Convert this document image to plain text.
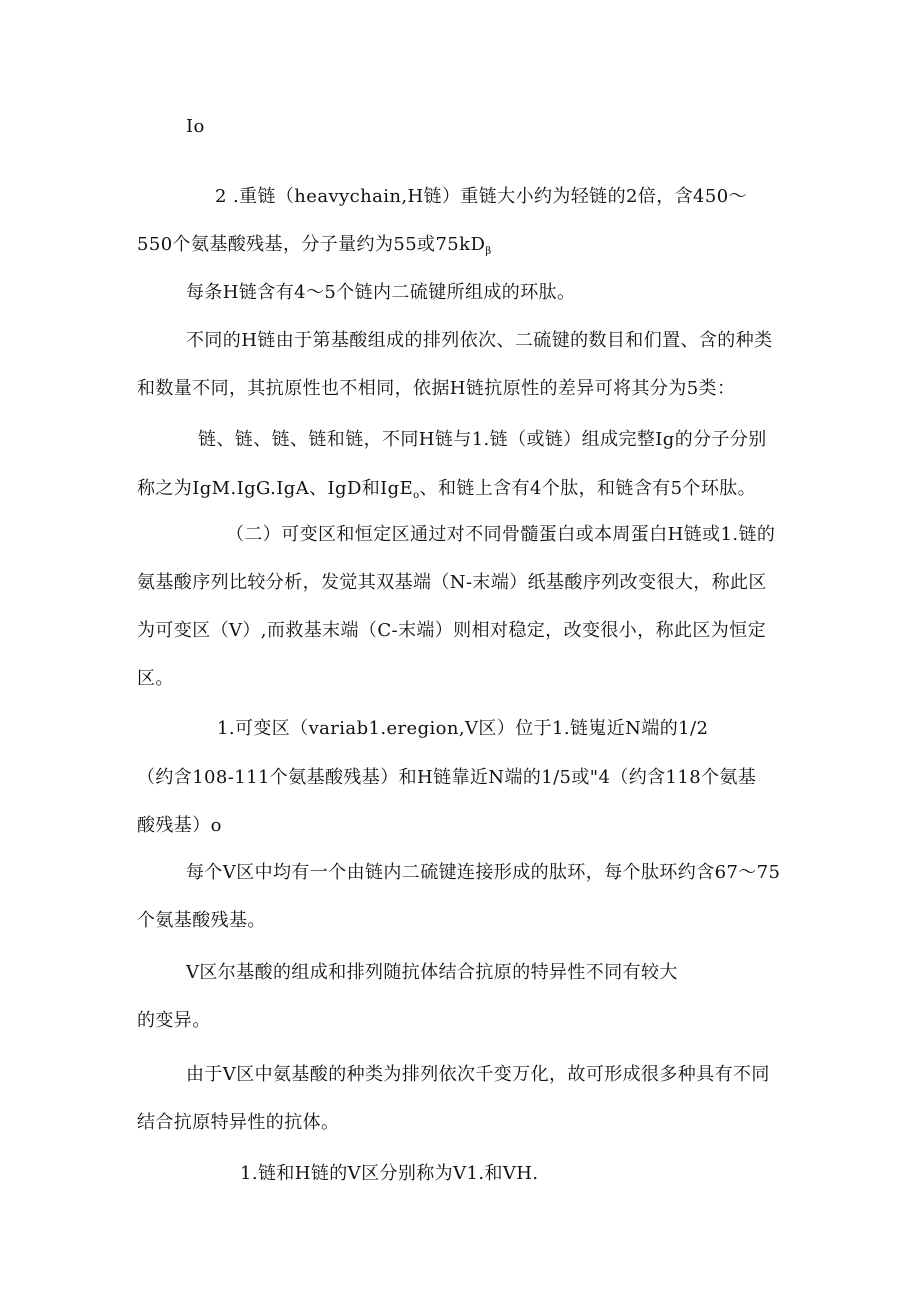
Io
2 .重链（heavychain,H链）重链大小约为轻链的2倍，含450～
550个氨基酸残基，分子量约为55或$75kD_\beta$
每条H链含有4～5个链内二硫键所组成的环肽。
不同的H链由于第基酸组成的排列依次、二硫键的数目和们置、含的种类
和数量不同，其抗原性也不相同，依据H链抗原性的差异可将其分为5类：
链、链、链、链和链，不同H链与1.链（或链）组成完整Ig的分子分别
称之为IgM.IgG.IgA、IgD和IgE$_o$、和链上含有4个肽，和链含有5个环肽。
（二）可变区和恒定区通过对不同骨髓蛋白或本周蛋白H链或1.链的
氨基酸序列比较分析，发觉其双基端（N-末端）纸基酸序列改变很大，称此区
为可变区（V）,而救基末端（C-末端）则相对稳定，改变很小，称此区为恒定
区。
1.可变区（variab1.eregion,V区）位于1.链嵬近N端的1/2
（约含108-111个氨基酸残基）和H链靠近N端的1/5或"4（约含118个氨基
酸残基）o
每个V区中均有一个由链内二硫键连接形成的肽环，每个肽环约含67～75
个氨基酸残基。
V区尔基酸的组成和排列随抗体结合抗原的特异性不同有较大
的变异。
由于V区中氨基酸的种类为排列依次千变万化，故可形成很多种具有不同
结合抗原特异性的抗体。
1.链和H链的V区分别称为V1.和VH.
